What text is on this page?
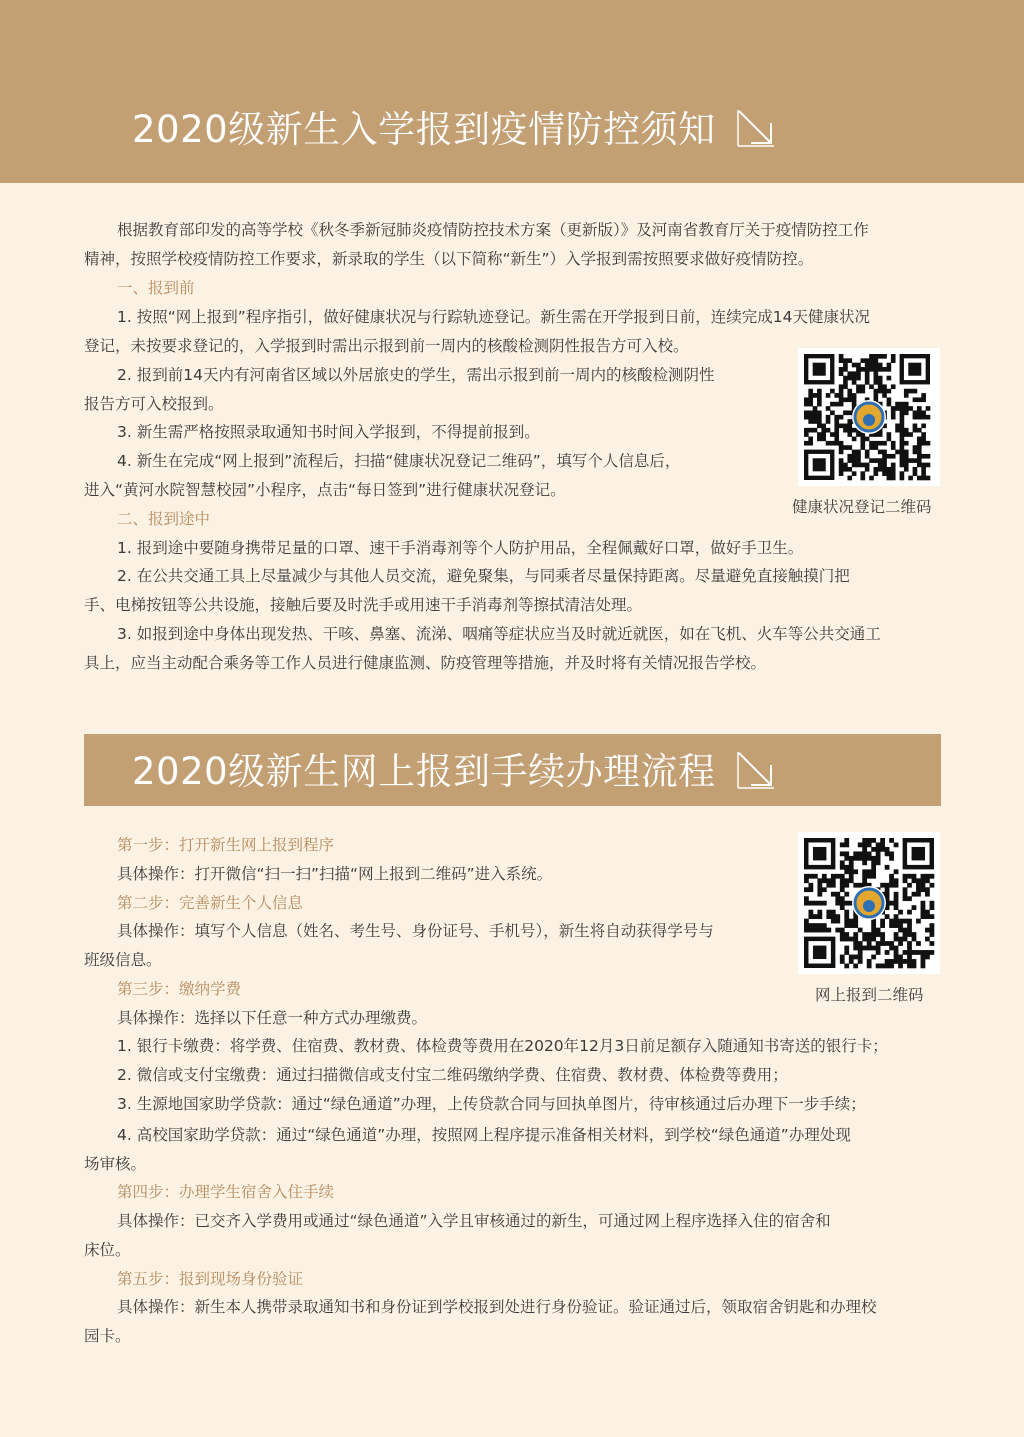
2020级新生入学报到疫情防控须知
根据教育部印发的高等学校《秋冬季新冠肺炎疫情防控技术方案（更新版）》及河南省教育厅关于疫情防控工作
精神，按照学校疫情防控工作要求，新录取的学生（以下简称“新生”）入学报到需按照要求做好疫情防控。
一、报到前
1. 按照“网上报到”程序指引，做好健康状况与行踪轨迹登记。新生需在开学报到日前，连续完成14天健康状况
登记，未按要求登记的，入学报到时需出示报到前一周内的核酸检测阴性报告方可入校。
2. 报到前14天内有河南省区域以外居旅史的学生，需出示报到前一周内的核酸检测阴性
报告方可入校报到。
3. 新生需严格按照录取通知书时间入学报到，不得提前报到。
4. 新生在完成“网上报到”流程后，扫描“健康状况登记二维码”，填写个人信息后，
进入“黄河水院智慧校园”小程序，点击“每日签到”进行健康状况登记。
二、报到途中
1. 报到途中要随身携带足量的口罩、速干手消毒剂等个人防护用品，全程佩戴好口罩，做好手卫生。
2. 在公共交通工具上尽量减少与其他人员交流，避免聚集，与同乘者尽量保持距离。尽量避免直接触摸门把
手、电梯按钮等公共设施，接触后要及时洗手或用速干手消毒剂等擦拭清洁处理。
3. 如报到途中身体出现发热、干咳、鼻塞、流涕、咽痛等症状应当及时就近就医，如在飞机、火车等公共交通工
具上，应当主动配合乘务等工作人员进行健康监测、防疫管理等措施，并及时将有关情况报告学校。
健康状况登记二维码
2020级新生网上报到手续办理流程
第一步：打开新生网上报到程序
具体操作：打开微信“扫一扫”扫描“网上报到二维码”进入系统。
第二步：完善新生个人信息
具体操作：填写个人信息（姓名、考生号、身份证号、手机号），新生将自动获得学号与
班级信息。
第三步：缴纳学费
具体操作：选择以下任意一种方式办理缴费。
1. 银行卡缴费：将学费、住宿费、教材费、体检费等费用在2020年12月3日前足额存入随通知书寄送的银行卡；
2. 微信或支付宝缴费：通过扫描微信或支付宝二维码缴纳学费、住宿费、教材费、体检费等费用；
3. 生源地国家助学贷款：通过“绿色通道”办理，上传贷款合同与回执单图片，待审核通过后办理下一步手续；
4. 高校国家助学贷款：通过“绿色通道”办理，按照网上程序提示准备相关材料，到学校“绿色通道”办理处现
场审核。
第四步：办理学生宿舍入住手续
具体操作：已交齐入学费用或通过“绿色通道”入学且审核通过的新生，可通过网上程序选择入住的宿舍和
床位。
第五步：报到现场身份验证
具体操作：新生本人携带录取通知书和身份证到学校报到处进行身份验证。验证通过后，领取宿舍钥匙和办理校
园卡。
网上报到二维码
